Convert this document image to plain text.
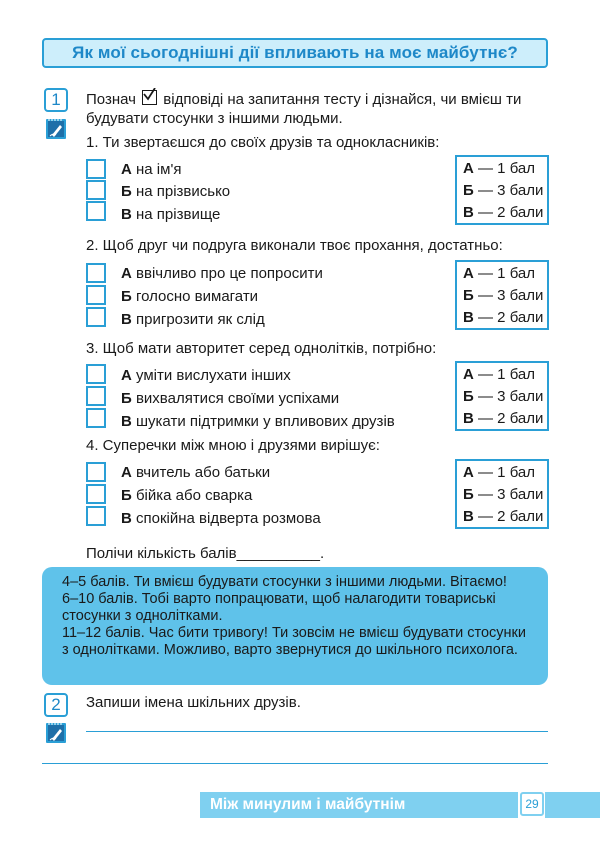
Як мої сьогоднішні дії впливають на моє майбутнє?
1 Познач відповіді на запитання тесту і дізнайся, чи вмієш ти будувати стосунки з іншими людьми.
1. Ти звертаєшся до своїх друзів та однокласників:
А на ім'я
Б на прізвисько
В на прізвище
А — 1 бал
Б — 3 бали
В — 2 бали
2. Щоб друг чи подруга виконали твоє прохання, достатньо:
А ввічливо про це попросити
Б голосно вимагати
В пригрозити як слід
А — 1 бал
Б — 3 бали
В — 2 бали
3. Щоб мати авторитет серед однолітків, потрібно:
А уміти вислухати інших
Б вихвалятися своїми успіхами
В шукати підтримки у впливових друзів
А — 1 бал
Б — 3 бали
В — 2 бали
4. Суперечки між мною і друзями вирішує:
А вчитель або батьки
Б бійка або сварка
В спокійна відверта розмова
А — 1 бал
Б — 3 бали
В — 2 бали
Полічи кількість балів__________.

4–5 балів. Ти вмієш будувати стосунки з іншими людьми. Вітаємо!

6–10 балів. Тобі варто попрацювати, щоб налагодити товариські стосунки з однолітками.

11–12 балів. Час бити тривогу! Ти зовсім не вмієш будувати стосунки з однолітками. Можливо, варто звернутися до шкільного психолога.

2 Запиши імена шкільних друзів.
Між минулим і майбутнім	29
